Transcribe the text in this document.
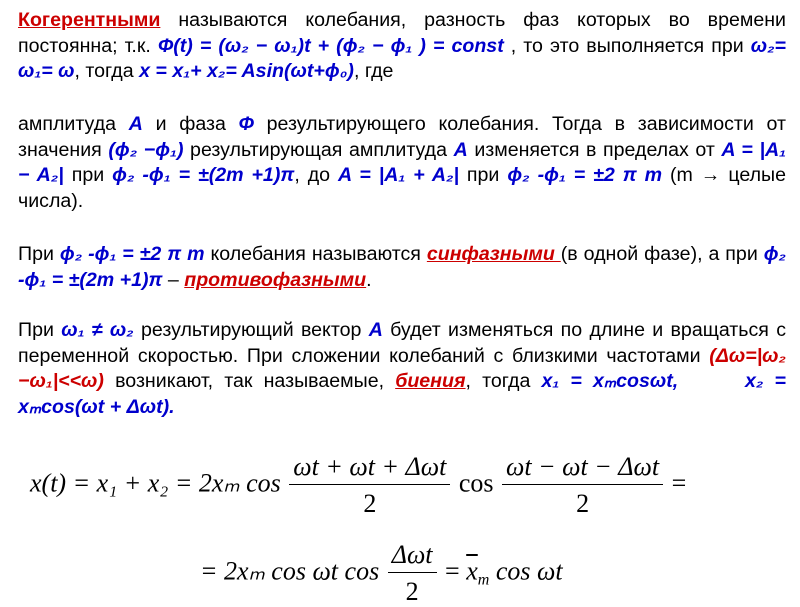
Когерентными называются колебания, разность фаз которых во времени постоянна; т.к. Ф(t) = (ω₂ − ω₁)t + (ϕ₂ − ϕ₁ ) = const , то это выполняется при ω₂= ω₁= ω, тогда x = x₁+ x₂= Asin(ωt+ϕ₀), где
амплитуда А и фаза Ф результирующего колебания. Тогда в зависимости от значения (ϕ₂ −ϕ₁) результирующая амплитуда А изменяется в пределах от A = |A₁ − A₂| при ϕ₂ -ϕ₁ = ±(2m +1)π, до A = |A₁ + A₂| при ϕ₂ -ϕ₁ = ±2 π m (m → целые числа).
При ϕ₂ -ϕ₁ = ±2 π m колебания называются синфазными (в одной фазе), а при ϕ₂ -ϕ₁ = ±(2m +1)π – противофазными.
При ω₁ ≠ ω₂ результирующий вектор А будет изменяться по длине и вращаться с переменной скоростью. При сложении колебаний с близкими частотами (Δω=|ω₂ −ω₁|<<ω) возникают, так называемые, биения, тогда x₁ = xₘcosωt,	x₂ = xₘcos(ωt + Δωt).
x(t) = x₁ + x₂ = 2xₘ $\cos \frac{\text{ωt + ωt + Δωt}}{2}$ $\cos \frac{\text{ωt − ωt − Δωt}}{2}$ =
= 2xₘ cos ωt $\cos \frac{\text{Δωt}}{2} = \overline{x}m$ cos ωt
